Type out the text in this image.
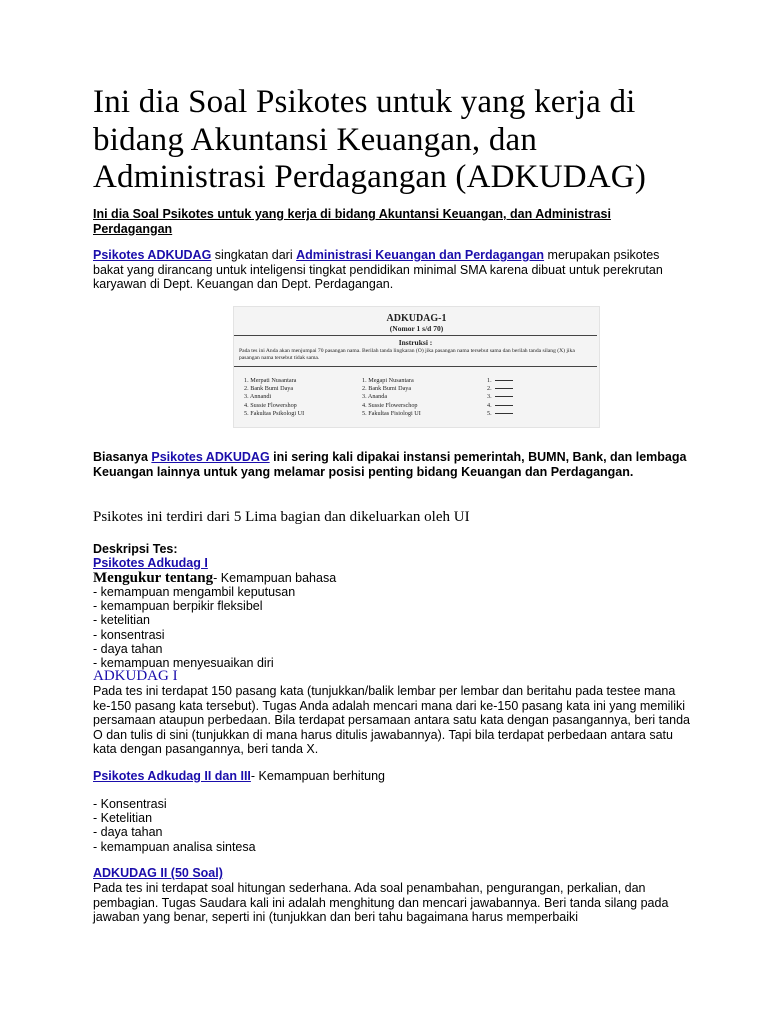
Ini dia Soal Psikotes untuk yang kerja di bidang Akuntansi Keuangan, dan Administrasi Perdagangan (ADKUDAG)
Ini dia Soal Psikotes untuk yang kerja di bidang Akuntansi Keuangan, dan Administrasi Perdagangan
Psikotes ADKUDAG singkatan dari Administrasi Keuangan dan Perdagangan merupakan psikotes bakat yang dirancang untuk inteligensi tingkat pendidikan minimal SMA karena dibuat untuk perekrutan karyawan di Dept. Keuangan dan Dept. Perdagangan.
ADKUDAG-1
(Nomor 1 s/d 70)
Instruksi :
Pada tes ini Anda akan menjumpai 70 pasangan nama. Berilah tanda lingkaran (O) jika pasangan nama tersebut sama dan berilah tanda silang (X) jika pasangan nama tersebut tidak sama.
1. Merpati Nusantara
2. Bank Bumi Daya
3. Annandi
4. Sussie Flowershop
5. Fakultas Psikologi UI
1. Megapi Nusantara
2. Bank Bumi Daya
3. Ananda
4. Sussie Flowerschop
5. Fakultas Fisiologi UI
1.
2.
3.
4.
5.
Biasanya Psikotes ADKUDAG ini sering kali dipakai instansi pemerintah, BUMN, Bank, dan lembaga Keuangan lainnya untuk yang melamar posisi penting bidang Keuangan dan Perdagangan.
Psikotes ini terdiri dari 5 Lima bagian dan dikeluarkan oleh UI
Deskripsi Tes:
Psikotes Adkudag I
Mengukur tentang- Kemampuan bahasa
- kemampuan mengambil keputusan
- kemampuan berpikir fleksibel
- ketelitian
- konsentrasi
- daya tahan
- kemampuan menyesuaikan diri
ADKUDAG I
Pada tes ini terdapat 150 pasang kata (tunjukkan/balik lembar per lembar dan beritahu pada testee mana ke-150 pasang kata tersebut). Tugas Anda adalah mencari mana dari ke-150 pasang kata ini yang memiliki persamaan ataupun perbedaan. Bila terdapat persamaan antara satu kata dengan pasangannya, beri tanda O dan tulis di sini (tunjukkan di mana harus ditulis jawabannya). Tapi bila terdapat perbedaan antara satu kata dengan pasangannya, beri tanda X.
Psikotes Adkudag II dan III- Kemampuan berhitung
- Konsentrasi
- Ketelitian
- daya tahan
- kemampuan analisa sintesa
ADKUDAG II (50 Soal)
Pada tes ini terdapat soal hitungan sederhana. Ada soal penambahan, pengurangan, perkalian, dan pembagian. Tugas Saudara kali ini adalah menghitung dan mencari jawabannya. Beri tanda silang pada jawaban yang benar, seperti ini (tunjukkan dan beri tahu bagaimana harus memperbaiki
